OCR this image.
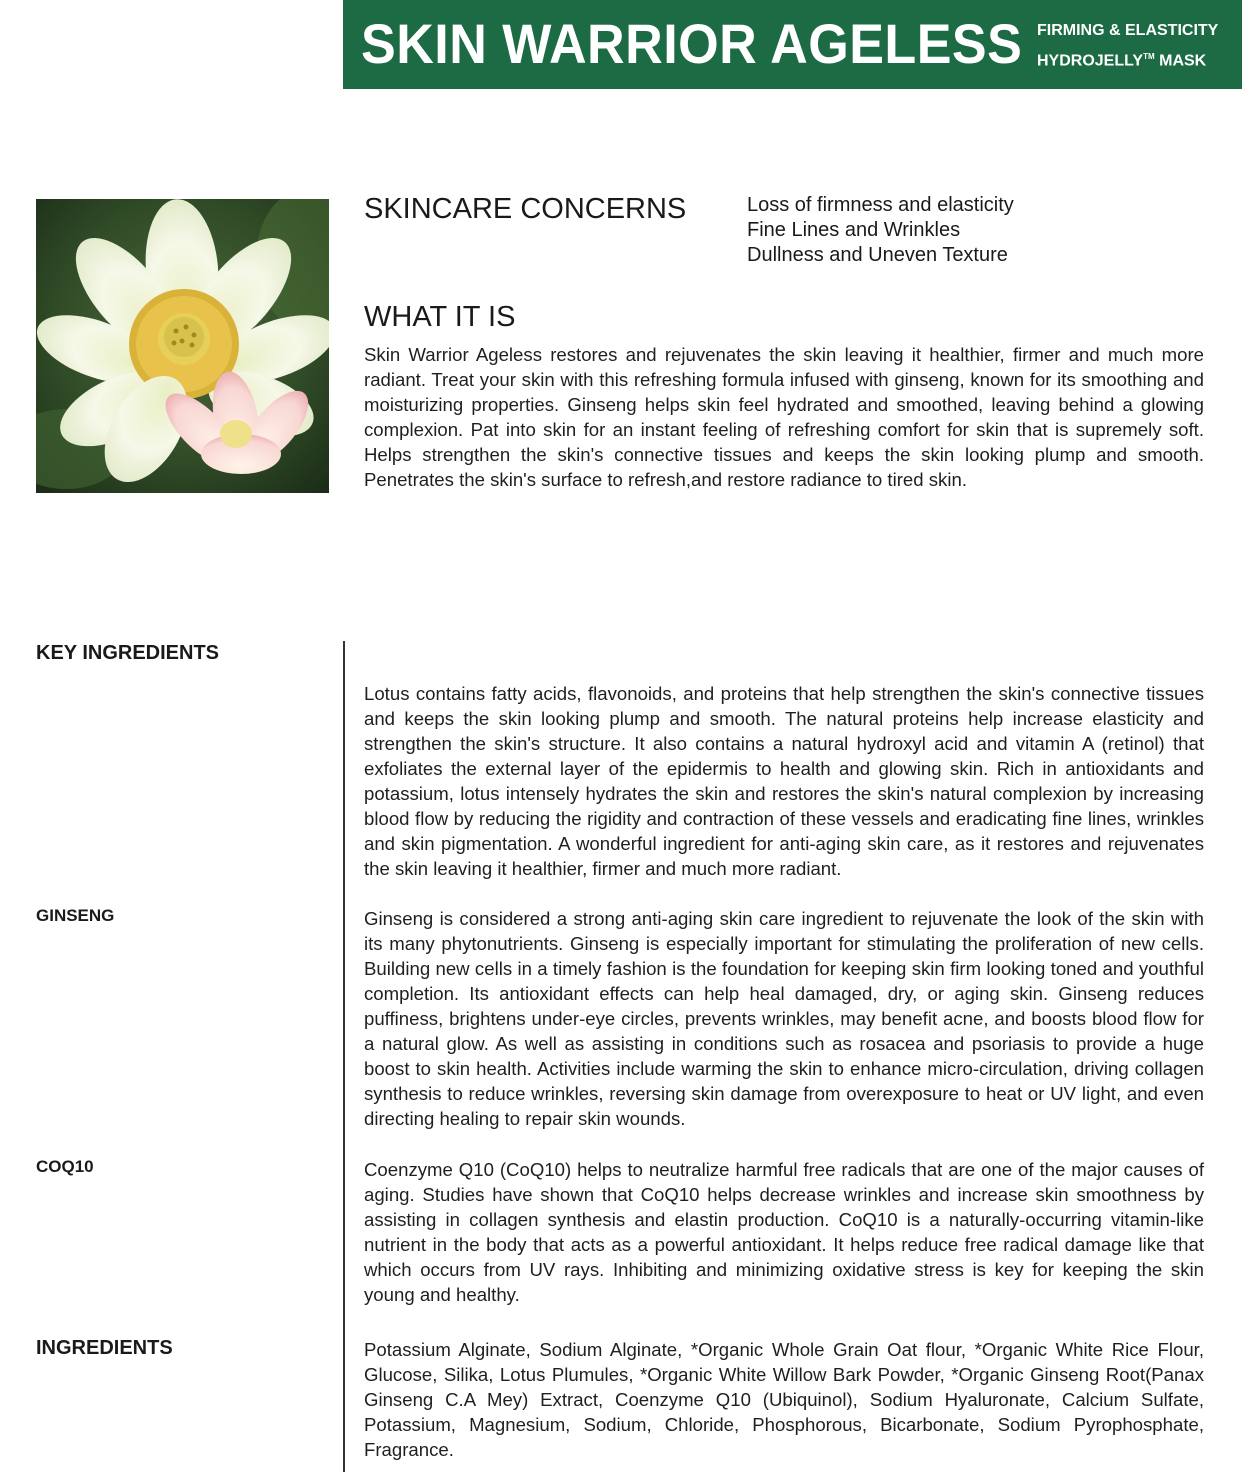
SKIN WARRIOR AGELESS FIRMING & ELASTICITY
HYDROJELLY™ MASK
SKINCARE CONCERNS	Loss of firmness and elasticity
Fine Lines and Wrinkles
Dullness and Uneven Texture
WHAT IT IS
Skin Warrior Ageless restores and rejuvenates the skin leaving it healthier, firmer and much more radiant. Treat your skin with this refreshing formula infused with ginseng, known for its smoothing and moisturizing properties. Ginseng helps skin feel hydrated and smoothed, leaving behind a glowing complexion. Pat into skin for an instant feeling of refreshing comfort for skin that is supremely soft. Helps strengthen the skin's connective tissues and keeps the skin looking plump and smooth. Penetrates the skin's surface to refresh,and restore radiance to tired skin.
KEY INGREDIENTS
Lotus contains fatty acids, flavonoids, and proteins that help strengthen the skin's connective tissues and keeps the skin looking plump and smooth. The natural proteins help increase elasticity and strengthen the skin's structure. It also contains a natural hydroxyl acid and vitamin A (retinol) that exfoliates the external layer of the epidermis to health and glowing skin. Rich in antioxidants and potassium, lotus intensely hydrates the skin and restores the skin's natural complexion by increasing blood flow by reducing the rigidity and contraction of these vessels and eradicating fine lines, wrinkles and skin pigmentation. A wonderful ingredient for anti-aging skin care, as it restores and rejuvenates the skin leaving it healthier, firmer and much more radiant.
GINSENG	Ginseng is considered a strong anti-aging skin care ingredient to rejuvenate the look of the skin with its many phytonutrients. Ginseng is especially important for stimulating the proliferation of new cells. Building new cells in a timely fashion is the foundation for keeping skin firm looking toned and youthful completion. Its antioxidant effects can help heal damaged, dry, or aging skin. Ginseng reduces puffiness, brightens under-eye circles, prevents wrinkles, may benefit acne, and boosts blood flow for a natural glow. As well as assisting in conditions such as rosacea and psoriasis to provide a huge boost to skin health. Activities include warming the skin to enhance micro-circulation, driving collagen synthesis to reduce wrinkles, reversing skin damage from overexposure to heat or UV light, and even directing healing to repair skin wounds.
COQ10	Coenzyme Q10 (CoQ10) helps to neutralize harmful free radicals that are one of the major causes of aging. Studies have shown that CoQ10 helps decrease wrinkles and increase skin smoothness by assisting in collagen synthesis and elastin production. CoQ10 is a naturally-occurring vitamin-like nutrient in the body that acts as a powerful antioxidant. It helps reduce free radical damage like that which occurs from UV rays. Inhibiting and minimizing oxidative stress is key for keeping the skin young and healthy.
INGREDIENTS	Potassium Alginate, Sodium Alginate, *Organic Whole Grain Oat flour, *Organic White Rice Flour, Glucose, Silika, Lotus Plumules, *Organic White Willow Bark Powder, *Organic Ginseng Root(Panax Ginseng C.A Mey) Extract, Coenzyme Q10 (Ubiquinol), Sodium Hyaluronate, Calcium Sulfate, Potassium, Magnesium, Sodium, Chloride, Phosphorous, Bicarbonate, Sodium Pyrophosphate, Fragrance.
